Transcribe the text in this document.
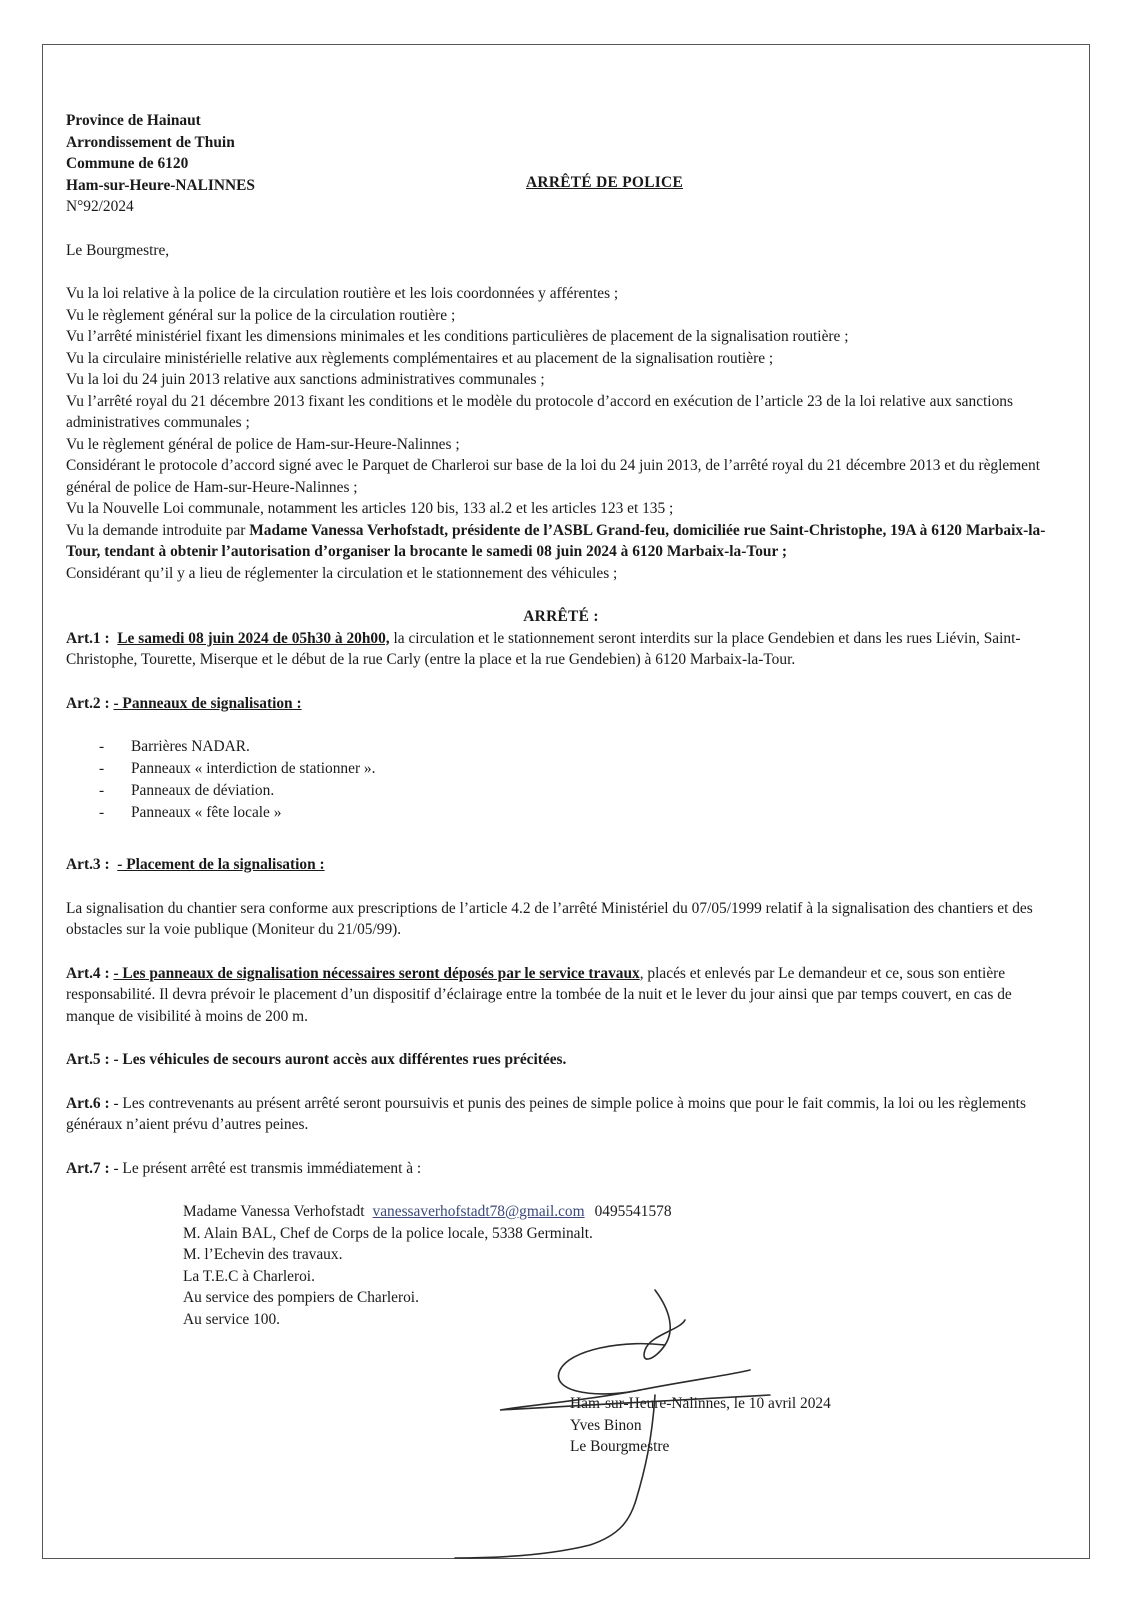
ARRÊTÉ DE POLICE
Province de Hainaut
Arrondissement de Thuin
Commune de 6120
Ham-sur-Heure-NALINNES
N°92/2024

Le Bourgmestre,

Vu la loi relative à la police de la circulation routière et les lois coordonnées y afférentes ;

Vu le règlement général sur la police de la circulation routière ;

Vu l’arrêté ministériel fixant les dimensions minimales et les conditions particulières de placement de la signalisation routière ;

Vu la circulaire ministérielle relative aux règlements complémentaires et au placement de la signalisation routière ;

Vu la loi du 24 juin 2013 relative aux sanctions administratives communales ;

Vu l’arrêté royal du 21 décembre 2013 fixant les conditions et le modèle du protocole d’accord en exécution de l’article 23 de la loi relative aux sanctions administratives communales ;

Vu le règlement général de police de Ham-sur-Heure-Nalinnes ;

Considérant le protocole d’accord signé avec le Parquet de Charleroi sur base de la loi du 24 juin 2013, de l’arrêté royal du 21 décembre 2013 et du règlement général de police de Ham-sur-Heure-Nalinnes ;

Vu la Nouvelle Loi communale, notamment les articles 120 bis, 133 al.2 et les articles 123 et 135 ;

Vu la demande introduite par Madame Vanessa Verhofstadt, présidente de l’ASBL Grand-feu, domiciliée rue Saint-Christophe, 19A à 6120 Marbaix-la-Tour, tendant à obtenir l’autorisation d’organiser la brocante le samedi 08 juin 2024 à 6120 Marbaix-la-Tour ;

Considérant qu’il y a lieu de réglementer la circulation et le stationnement des véhicules ;

ARRÊTÉ :

Art.1 : Le samedi 08 juin 2024 de 05h30 à 20h00, la circulation et le stationnement seront interdits sur la place Gendebien et dans les rues Liévin, Saint-Christophe, Tourette, Miserque et le début de la rue Carly (entre la place et la rue Gendebien) à 6120 Marbaix-la-Tour.

Art.2 : - Panneaux de signalisation :

- Barrières NADAR.
- Panneaux « interdiction de stationner ».
- Panneaux de déviation.
- Panneaux « fête locale »

Art.3 : - Placement de la signalisation :

La signalisation du chantier sera conforme aux prescriptions de l’article 4.2 de l’arrêté Ministériel du 07/05/1999 relatif à la signalisation des chantiers et des obstacles sur la voie publique (Moniteur du 21/05/99).

Art.4 : - Les panneaux de signalisation nécessaires seront déposés par le service travaux, placés et enlevés par Le demandeur et ce, sous son entière responsabilité. Il devra prévoir le placement d’un dispositif d’éclairage entre la tombée de la nuit et le lever du jour ainsi que par temps couvert, en cas de manque de visibilité à moins de 200 m.

Art.5 : - Les véhicules de secours auront accès aux différentes rues précitées.

Art.6 : - Les contrevenants au présent arrêté seront poursuivis et punis des peines de simple police à moins que pour le fait commis, la loi ou les règlements généraux n’aient prévu d’autres peines.

Art.7 : - Le présent arrêté est transmis immédiatement à :

Madame Vanessa Verhofstadt vanessaverhofstadt78@gmail.com 0495541578
M. Alain BAL, Chef de Corps de la police locale, 5338 Germinalt.
M. l’Echevin des travaux.
La T.E.C à Charleroi.
Au service des pompiers de Charleroi.
Au service 100.
Ham-sur-Heure-Nalinnes, le 10 avril 2024
Yves Binon
Le Bourgmestre
